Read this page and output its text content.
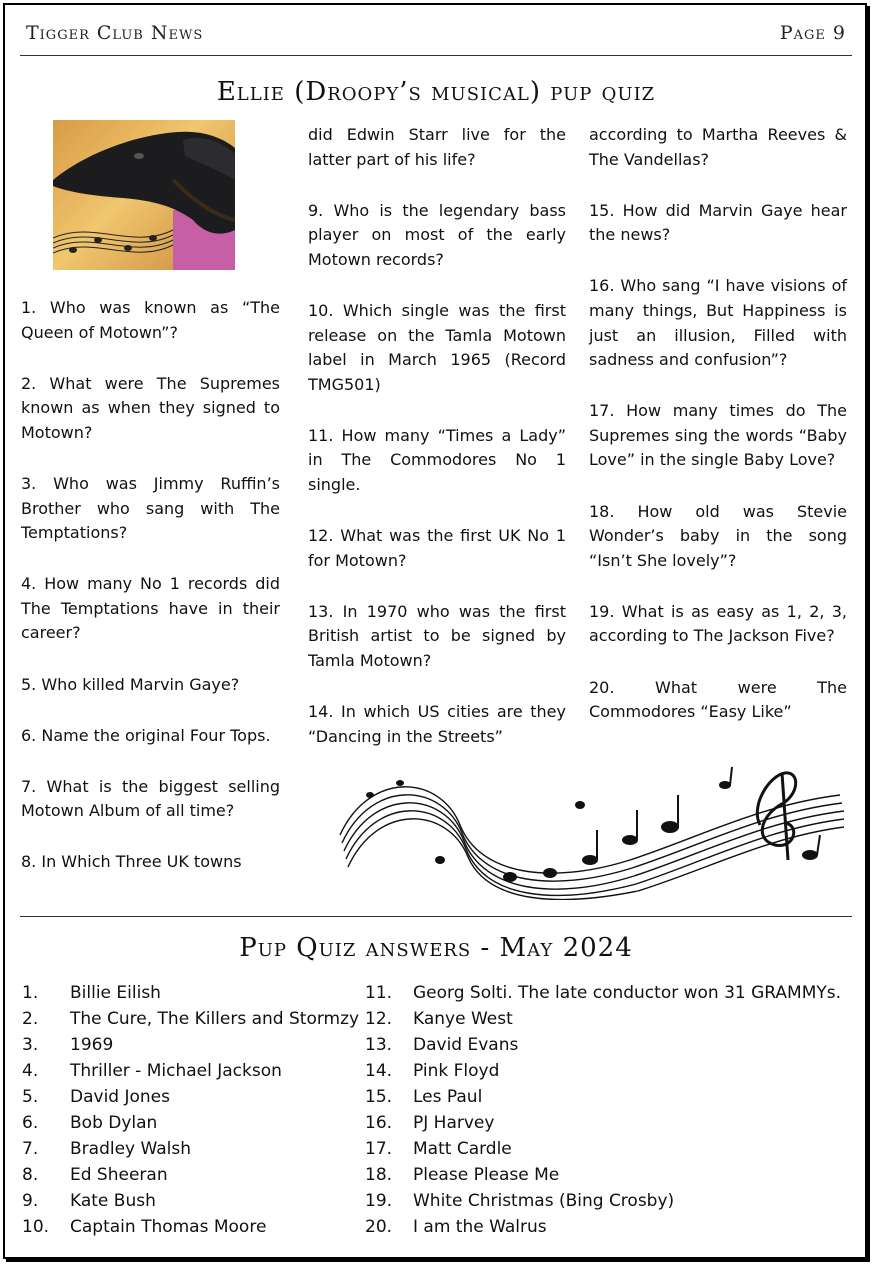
Tigger Club News	Page 9
Ellie (Droopy’s musical) pup quiz

1. Who was known as “The Queen of Motown”?

2. What were The Supremes known as when they signed to Motown?

3. Who was Jimmy Ruffin’s Brother who sang with The Temptations?

4. How many No 1 records did The Temptations have in their career?

5. Who killed Marvin Gaye?

6. Name the original Four Tops.

7. What is the biggest selling Motown Album of all time?

8. In Which Three UK towns

did Edwin Starr live for the latter part of his life?

9. Who is the legendary bass player on most of the early Motown records?

10. Which single was the first release on the Tamla Motown label in March 1965 (Record TMG501)

11. How many “Times a Lady” in The Commodores No 1 single.

12. What was the first UK No 1 for Motown?

13. In 1970 who was the first British artist to be signed by Tamla Motown?

14. In which US cities are they “Dancing in the Streets”

according to Martha Reeves & The Vandellas?

15. How did Marvin Gaye hear the news?

16. Who sang “I have visions of many things, But Happiness is just an illusion, Filled with sadness and confusion”?

17. How many times do The Supremes sing the words “Baby Love” in the single Baby Love?

18. How old was Stevie Wonder’s baby in the song “Isn’t She lovely”?

19. What is as easy as 1, 2, 3, according to The Jackson Five?

20. What were The Commodores “Easy Like”

Pup Quiz answers - May 2024
1.	Billie Eilish
2.	The Cure, The Killers and Stormzy
3.	1969
4.	Thriller - Michael Jackson
5.	David Jones
6.	Bob Dylan
7.	Bradley Walsh
8.	Ed Sheeran
9.	Kate Bush
10.	Captain Thomas Moore
11.	Georg Solti. The late conductor won 31 GRAMMYs.
12.	Kanye West
13.	David Evans
14.	Pink Floyd
15.	Les Paul
16.	PJ Harvey
17.	Matt Cardle
18.	Please Please Me
19.	White Christmas (Bing Crosby)
20.	I am the Walrus
